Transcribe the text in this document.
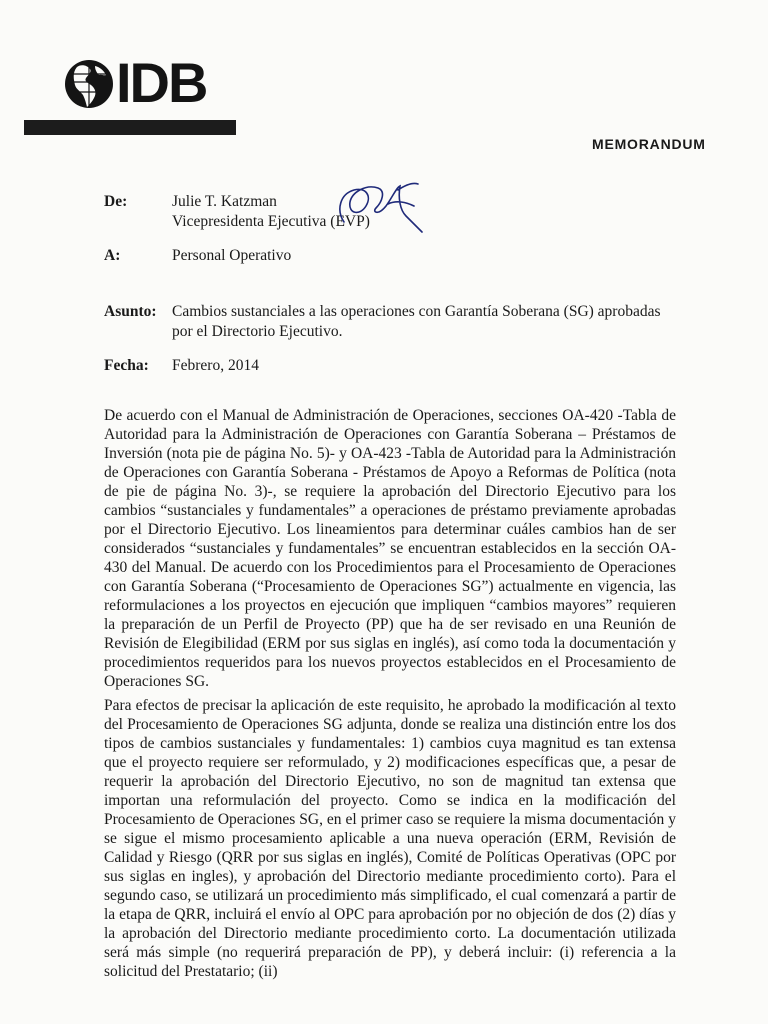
IDB
MEMORANDUM
De:	Julie T. Katzman
Vicepresidenta Ejecutiva (EVP)
A:	Personal Operativo
Asunto: Cambios sustanciales a las operaciones con Garantía Soberana (SG) aprobadas
por el Directorio Ejecutivo.
Fecha: Febrero, 2014

De acuerdo con el Manual de Administración de Operaciones, secciones OA-420 -Tabla de Autoridad para la Administración de Operaciones con Garantía Soberana – Préstamos de Inversión (nota pie de página No. 5)- y OA-423 -Tabla de Autoridad para la Administración de Operaciones con Garantía Soberana - Préstamos de Apoyo a Reformas de Política (nota de pie de página No. 3)-, se requiere la aprobación del Directorio Ejecutivo para los cambios “sustanciales y fundamentales” a operaciones de préstamo previamente aprobadas por el Directorio Ejecutivo. Los lineamientos para determinar cuáles cambios han de ser considerados “sustanciales y fundamentales” se encuentran establecidos en la sección OA-430 del Manual. De acuerdo con los Procedimientos para el Procesamiento de Operaciones con Garantía Soberana (“Procesamiento de Operaciones SG”) actualmente en vigencia, las reformulaciones a los proyectos en ejecución que impliquen “cambios mayores” requieren la preparación de un Perfil de Proyecto (PP) que ha de ser revisado en una Reunión de Revisión de Elegibilidad (ERM por sus siglas en inglés), así como toda la documentación y procedimientos requeridos para los nuevos proyectos establecidos en el Procesamiento de Operaciones SG.

Para efectos de precisar la aplicación de este requisito, he aprobado la modificación al texto del Procesamiento de Operaciones SG adjunta, donde se realiza una distinción entre los dos tipos de cambios sustanciales y fundamentales: 1) cambios cuya magnitud es tan extensa que el proyecto requiere ser reformulado, y 2) modificaciones específicas que, a pesar de requerir la aprobación del Directorio Ejecutivo, no son de magnitud tan extensa que importan una reformulación del proyecto. Como se indica en la modificación del Procesamiento de Operaciones SG, en el primer caso se requiere la misma documentación y se sigue el mismo procesamiento aplicable a una nueva operación (ERM, Revisión de Calidad y Riesgo (QRR por sus siglas en inglés), Comité de Políticas Operativas (OPC por sus siglas en ingles), y aprobación del Directorio mediante procedimiento corto). Para el segundo caso, se utilizará un procedimiento más simplificado, el cual comenzará a partir de la etapa de QRR, incluirá el envío al OPC para aprobación por no objeción de dos (2) días y la aprobación del Directorio mediante procedimiento corto. La documentación utilizada será más simple (no requerirá preparación de PP), y deberá incluir: (i) referencia a la solicitud del Prestatario; (ii)
